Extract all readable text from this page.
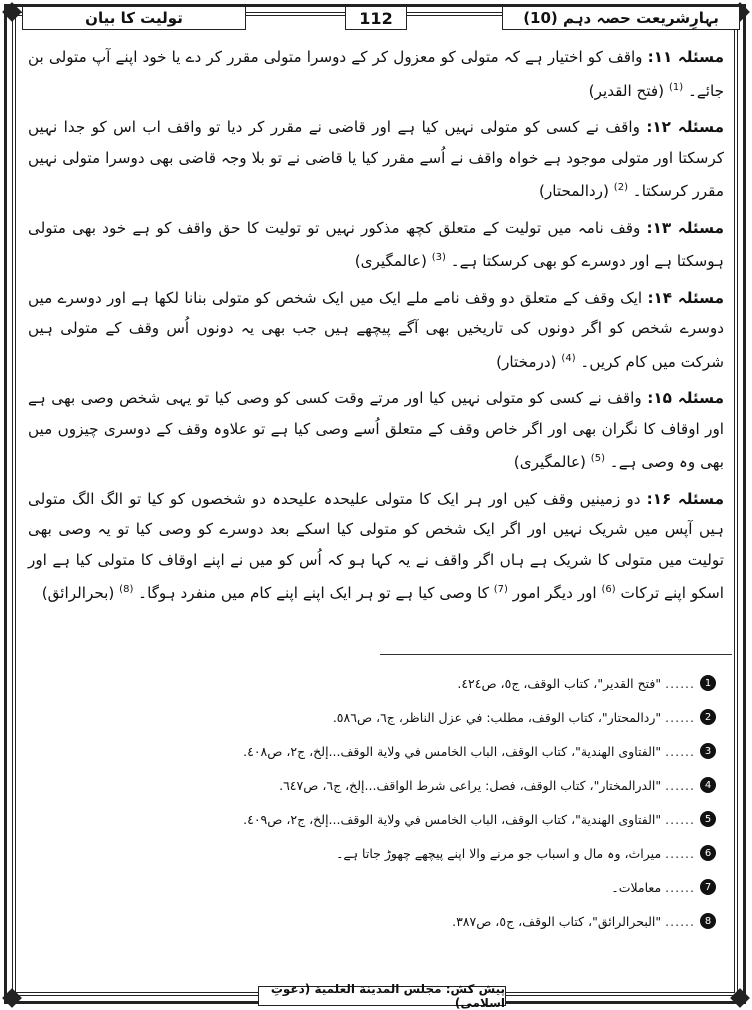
بہارِشریعت حصہ دہم (10)
112
تولیت کا بیان

مسئلہ ۱۱: واقف کو اختیار ہے کہ متولی کو معزول کر کے دوسرا متولی مقرر کر دے یا خود اپنے آپ متولی بن جائے۔ $^{(1)}$ (فتح القدیر)

مسئلہ ۱۲: واقف نے کسی کو متولی نہیں کیا ہے اور قاضی نے مقرر کر دیا تو واقف اب اس کو جدا نہیں کرسکتا اور متولی موجود ہے خواہ واقف نے اُسے مقرر کیا یا قاضی نے تو بلا وجہ قاضی بھی دوسرا متولی نہیں مقرر کرسکتا۔ $^{(2)}$ (ردالمحتار)

مسئلہ ۱۳: وقف نامہ میں تولیت کے متعلق کچھ مذکور نہیں تو تولیت کا حق واقف کو ہے خود بھی متولی ہوسکتا ہے اور دوسرے کو بھی کرسکتا ہے۔ $^{(3)}$ (عالمگیری)

مسئلہ ۱۴: ایک وقف کے متعلق دو وقف نامے ملے ایک میں ایک شخص کو متولی بنانا لکھا ہے اور دوسرے میں دوسرے شخص کو اگر دونوں کی تاریخیں بھی آگے پیچھے ہیں جب بھی یہ دونوں اُس وقف کے متولی ہیں شرکت میں کام کریں۔ $^{(4)}$ (درمختار)

مسئلہ ۱۵: واقف نے کسی کو متولی نہیں کیا اور مرتے وقت کسی کو وصی کیا تو یہی شخص وصی بھی ہے اور اوقاف کا نگران بھی اور اگر خاص وقف کے متعلق اُسے وصی کیا ہے تو علاوہ وقف کے دوسری چیزوں میں بھی وہ وصی ہے۔ $^{(5)}$ (عالمگیری)

مسئلہ ۱۶: دو زمینیں وقف کیں اور ہر ایک کا متولی علیحدہ علیحدہ دو شخصوں کو کیا تو الگ الگ متولی ہیں آپس میں شریک نہیں اور اگر ایک شخص کو متولی کیا اسکے بعد دوسرے کو وصی کیا تو یہ وصی بھی تولیت میں متولی کا شریک ہے ہاں اگر واقف نے یہ کہا ہو کہ اُس کو میں نے اپنے اوقاف کا متولی کیا ہے اور اسکو اپنے ترکات $^{(6)}$ اور دیگر امور $^{(7)}$ کا وصی کیا ہے تو ہر ایک اپنے اپنے کام میں منفرد ہوگا۔ $^{(8)}$ (بحرالرائق)

1
......
"فتح القدير"، كتاب الوقف، ج٥، ص٤٢٤.
2
......
"ردالمحتار"، كتاب الوقف، مطلب: في عزل الناظر، ج٦، ص٥٨٦.
3
......
"الفتاوى الهندية"، كتاب الوقف، الباب الخامس في ولاية الوقف...إلخ، ج٢، ص٤٠٨.
4
......
"الدرالمختار"، كتاب الوقف، فصل: يراعى شرط الواقف...إلخ، ج٦، ص٦٤٧.
5
......
"الفتاوى الهندية"، كتاب الوقف، الباب الخامس في ولاية الوقف...إلخ، ج٢، ص٤٠٩.
6
......
میراث، وہ مال و اسباب جو مرنے والا اپنے پیچھے چھوڑ جاتا ہے۔
7
......
معاملات۔
8
......
"البحرالرائق"، كتاب الوقف، ج٥، ص٣٨٧.
پیش کش: مجلس المدينة العلمية (دعوتِ اسلامی)
